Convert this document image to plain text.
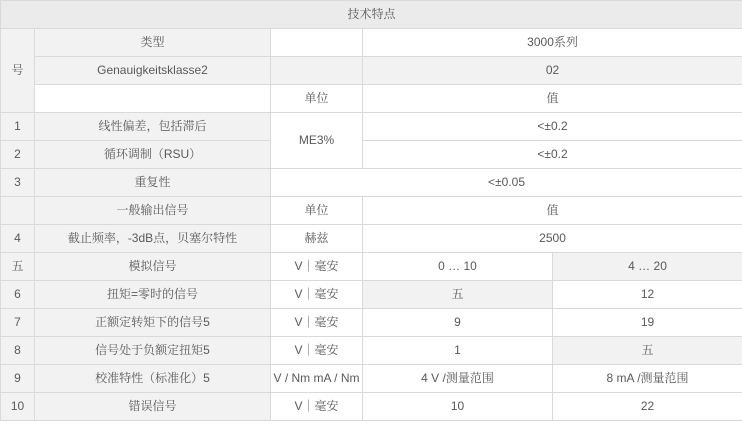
技术特点				
号	类型		3000系列	
	Genauigkeitsklasse2		02	
		单位	值	
1	线性偏差，包括滞后	ME3%	<±0.2	
2	循环调制（RSU）		<±0.2	
3	重复性	<±0.05		
	一般输出信号	单位	值	
4	截止频率，-3dB点，贝塞尔特性	赫兹	2500	
五	模拟信号	V｜毫安	0 … 10	4 … 20
6	扭矩=零时的信号	V｜毫安	五	12
7	正额定转矩下的信号5	V｜毫安	9	19
8	信号处于负额定扭矩5	V｜毫安	1	五
9	校准特性（标准化）5	V / Nm mA / Nm	4 V /测量范围	8 mA /测量范围
10	错误信号	V｜毫安	10	22
